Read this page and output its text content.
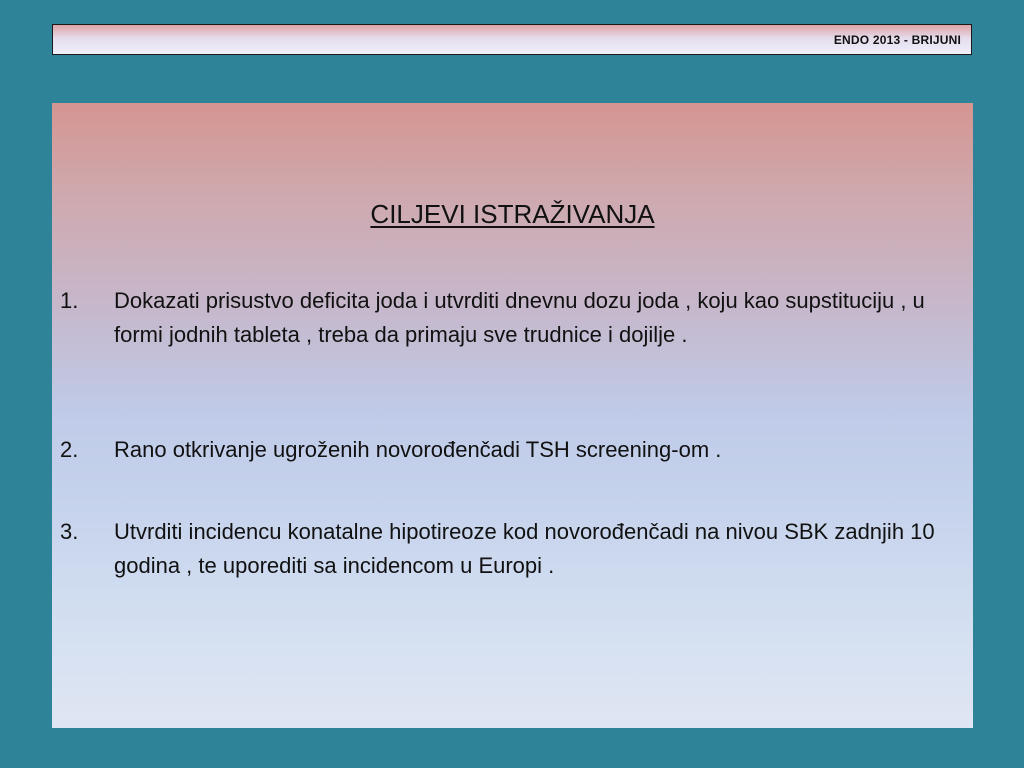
ENDO 2013 - BRIJUNI
CILJEVI ISTRAŽIVANJA
1. Dokazati prisustvo deficita joda i utvrditi dnevnu dozu joda , koju kao supstituciju , u formi jodnih tableta , treba da primaju sve trudnice i dojilje .
2. Rano otkrivanje ugroženih novorođenčadi TSH screening-om .
3. Utvrditi incidencu konatalne hipotireoze kod novorođenčadi na nivou SBK zadnjih 10 godina , te uporediti sa incidencom u Europi .
